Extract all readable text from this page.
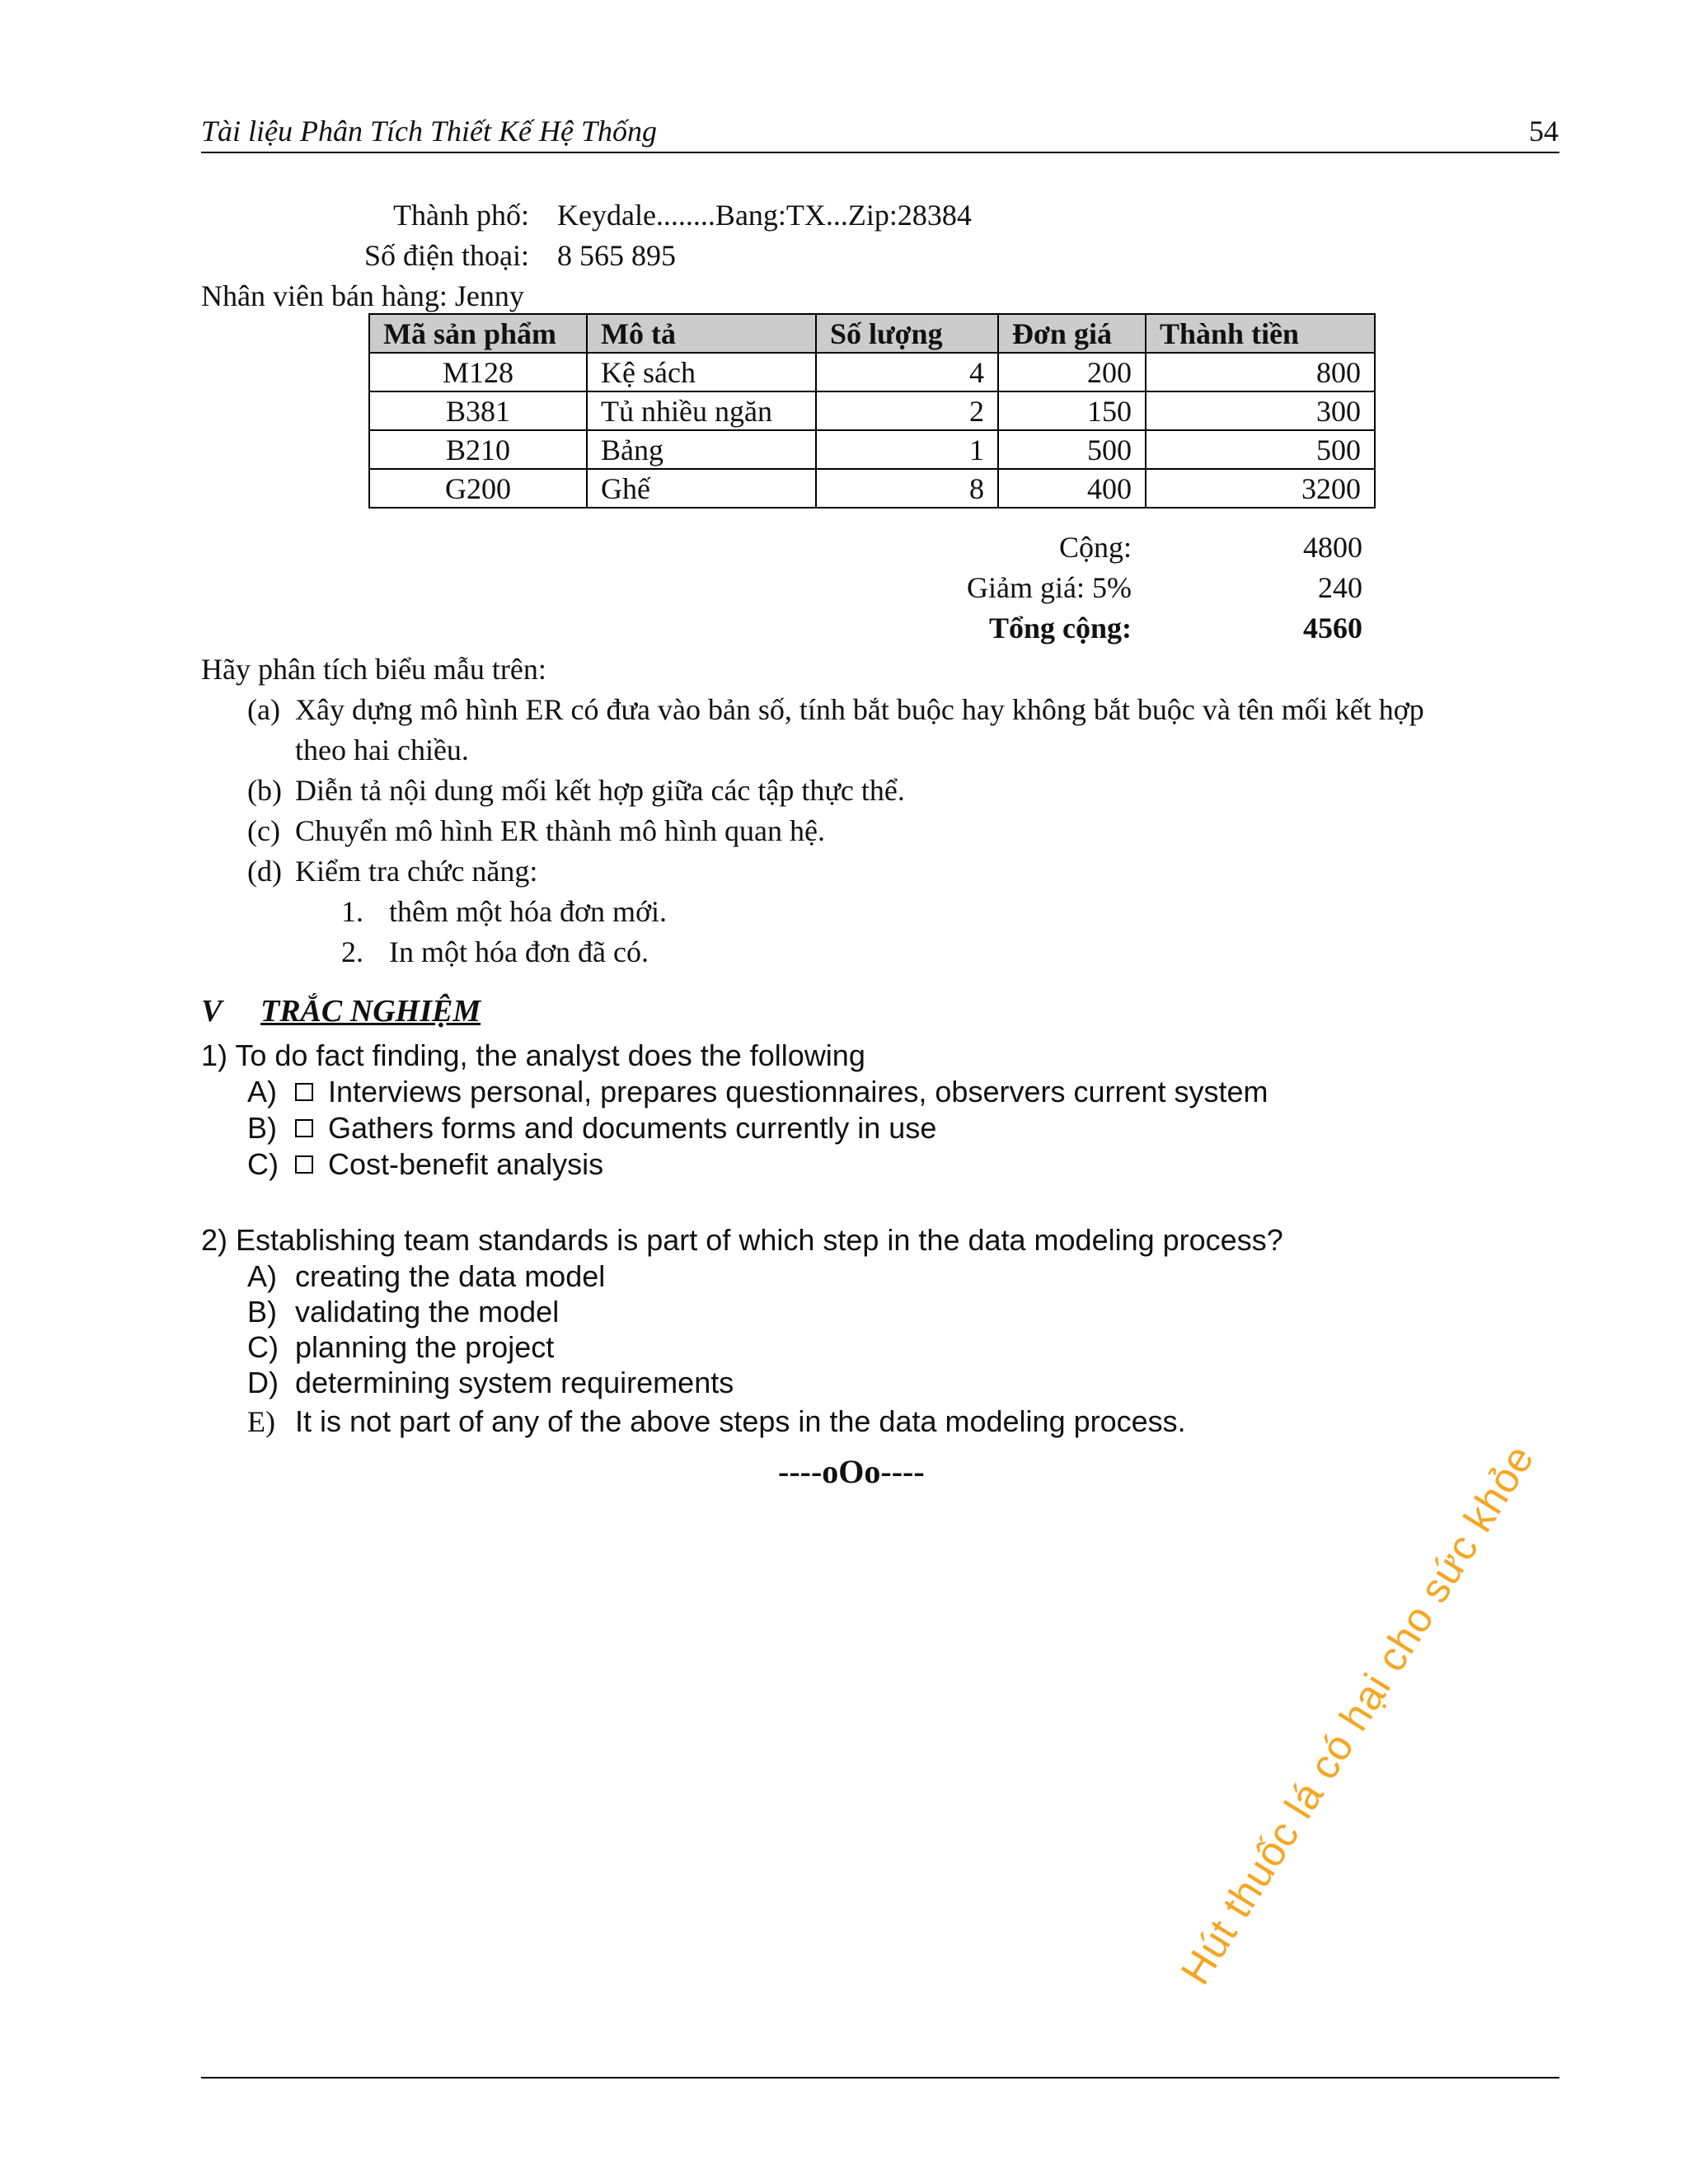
Tài liệu Phân Tích Thiết Kế Hệ Thống	54
Thành phố: Keydale........Bang:TX...Zip:28384
Số điện thoại: 8 565 895
Nhân viên bán hàng: Jenny
Mã sản phẩm	Mô tả	Số lượng	Đơn giá	Thành tiền
M128	Kệ sách	4	200	800
B381	Tủ nhiều ngăn	2	150	300
B210	Bảng	1	500	500
G200	Ghế	8	400	3200
Cộng:	4800
Giảm giá: 5%	240
Tổng cộng:	4560
Hãy phân tích biểu mẫu trên:
(a) Xây dựng mô hình ER có đưa vào bản số, tính bắt buộc hay không bắt buộc và tên mối kết hợp
theo hai chiều.
(b) Diễn tả nội dung mối kết hợp giữa các tập thực thể.
(c) Chuyển mô hình ER thành mô hình quan hệ.
(d) Kiểm tra chức năng:
1. thêm một hóa đơn mới.
2. In một hóa đơn đã có.
V TRẮC NGHIỆM
1) To do fact finding, the analyst does the following
A) Interviews personal, prepares questionnaires, observers current system
B) Gathers forms and documents currently in use
C) Cost-benefit analysis
2) Establishing team standards is part of which step in the data modeling process?
A) creating the data model
B) validating the model
C) planning the project
D) determining system requirements
E) It is not part of any of the above steps in the data modeling process.
----oOo----	Hút thuốc lá có hại cho sức khỏe
